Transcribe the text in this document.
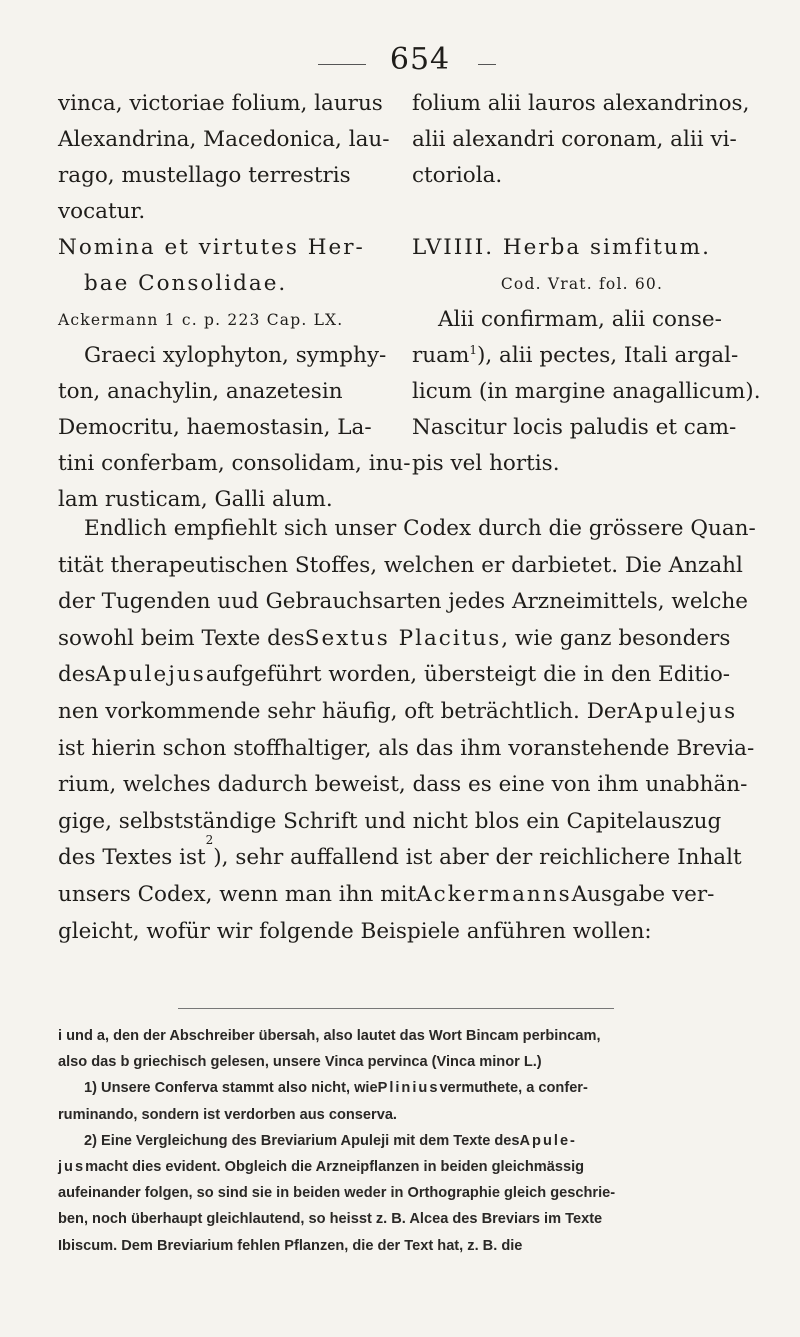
654
vinca, victoriae folium, laurus
Alexandrina, Macedonica, lau-
rago, mustellago terrestris
vocatur.
Nomina et virtutes Her-
bae Consolidae.
Ackermann 1 c. p. 223 Cap. LX.
Graeci xylophyton, symphy-
ton, anachylin, anazetesin
Democritu, haemostasin, La-
tini conferbam, consolidam, inu-
lam rusticam, Galli alum.
folium alii lauros alexandrinos,
alii alexandri coronam, alii vi-
ctoriola.
LVIIII. Herba simfitum.
Cod. Vrat. fol. 60.
Alii confirmam, alii conse-
ruam$^1$), alii pectes, Itali argal-
licum (in margine anagallicum).
Nascitur locis paludis et cam-
pis vel hortis.
Endlich empfiehlt sich unser Codex durch die grössere Quan-
tität therapeutischen Stoffes, welchen er darbietet. Die Anzahl
der Tugenden uud Gebrauchsarten jedes Arzneimittels, welche
sowohl beim Texte des Sextus Placitus , wie ganz besonders
des Apulejus aufgeführt worden, übersteigt die in den Editio-
nen vorkommende sehr häufig, oft beträchtlich. Der Apulejus
ist hierin schon stoffhaltiger, als das ihm voranstehende Brevia-
rium, welches dadurch beweist, dass es eine von ihm unabhän-
gige, selbstständige Schrift und nicht blos ein Capitelauszug
des Textes ist
2
), sehr auffallend ist aber der reichlichere Inhalt
unsers Codex, wenn man ihn mit Ackermanns Ausgabe ver-
gleicht, wofür wir folgende Beispiele anführen wollen:
i und a, den der Abschreiber übersah, also lautet das Wort Bincam perbincam,
also das b griechisch gelesen, unsere Vinca pervinca (Vinca minor L.)
1) Unsere Conferva stammt also nicht, wie Plinius vermuthete, a confer-
ruminando, sondern ist verdorben aus conserva.
2) Eine Vergleichung des Breviarium Apuleji mit dem Texte des Apule-
jus macht dies evident. Obgleich die Arzneipflanzen in beiden gleichmässig
aufeinander folgen, so sind sie in beiden weder in Orthographie gleich geschrie-
ben, noch überhaupt gleichlautend, so heisst z. B. Alcea des Breviars im Texte
Ibiscum. Dem Breviarium fehlen Pflanzen, die der Text hat, z. B. die
